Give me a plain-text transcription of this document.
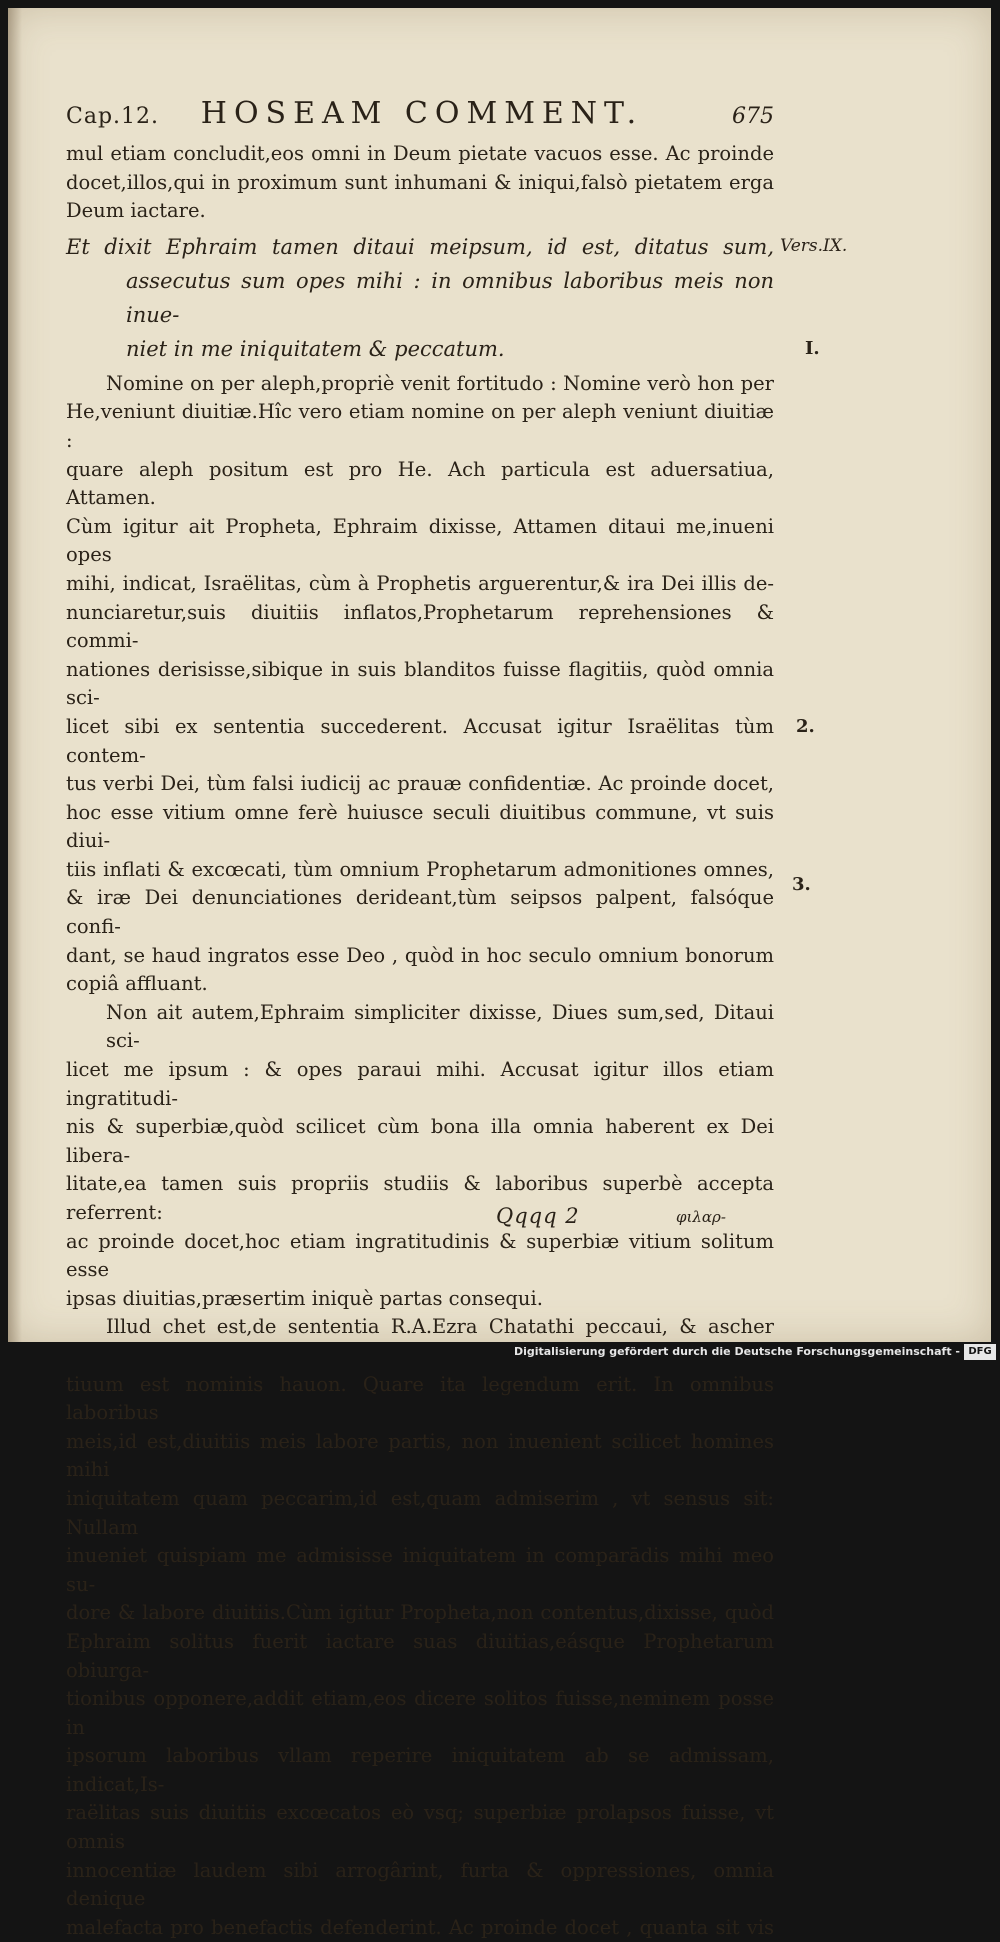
Cap.12.	HOSEAM COMMENT.	675

mul etiam concludit,eos omni in Deum pietate vacuos esse. Ac proinde

docet,illos,qui in proximum sunt inhumani & iniqui,falsò pietatem erga

Deum iactare.

Et dixit Ephraim tamen ditaui meipsum, id est, ditatus sum,

assecutus sum opes mihi : in omnibus laboribus meis non inue-

niet in me iniquitatem & peccatum.

Nomine on per aleph,propriè venit fortitudo : Nomine verò hon per

He,veniunt diuitiæ.Hîc vero etiam nomine on per aleph veniunt diuitiæ :

quare aleph positum est pro He. Ach particula est aduersatiua, Attamen.

Cùm igitur ait Propheta, Ephraim dixisse, Attamen ditaui me,inueni opes

mihi, indicat, Israëlitas, cùm à Prophetis arguerentur,& ira Dei illis de-

nunciaretur,suis diuitiis inflatos,Prophetarum reprehensiones & commi-

nationes derisisse,sibique in suis blanditos fuisse flagitiis, quòd omnia sci-

licet sibi ex sententia succederent. Accusat igitur Israëlitas tùm contem-

tus verbi Dei, tùm falsi iudicij ac prauæ confidentiæ. Ac proinde docet,

hoc esse vitium omne ferè huiusce seculi diuitibus commune, vt suis diui-

tiis inflati & excœcati, tùm omnium Prophetarum admonitiones omnes,

& iræ Dei denunciationes derideant,tùm seipsos palpent, falsóque confi-

dant, se haud ingratos esse Deo , quòd in hoc seculo omnium bonorum

copiâ affluant.

Non ait autem,Ephraim simpliciter dixisse, Diues sum,sed, Ditaui sci-

licet me ipsum : & opes paraui mihi. Accusat igitur illos etiam ingratitudi-

nis & superbiæ,quòd scilicet cùm bona illa omnia haberent ex Dei libera-

litate,ea tamen suis propriis studiis & laboribus superbè accepta referrent:

ac proinde docet,hoc etiam ingratitudinis & superbiæ vitium solitum esse

ipsas diuitias,præsertim iniquè partas consequi.

Illud chet est,de sententia R.A.Ezra Chatathi peccaui, & ascher

tiuum est nominis hauon. Quare ita legendum erit. In omnibus laboribus

meis,id est,diuitiis meis labore partis, non inuenient scilicet homines mihi

iniquitatem quam peccarim,id est,quam admiserim , vt sensus sit: Nullam

inueniet quispiam me admisisse iniquitatem in comparādis mihi meo su-

dore & labore diuitiis.Cùm igitur Propheta,non contentus,dixisse, quòd

Ephraim solitus fuerit iactare suas diuitias,eásque Prophetarum obiurga-

tionibus opponere,addit etiam,eos dicere solitos fuisse,neminem posse in

ipsorum laboribus vllam reperire iniquitatem ab se admissam, indicat,Is-

raëlitas suis diuitiis excœcatos eò vsq; superbiæ prolapsos fuisse, vt omnis

innocentiæ laudem sibi arrogârint, furta & oppressiones, omnia denique

malefacta pro benefactis defenderint. Ac proinde docet , quanta sit vis

Vers.IX.
I.
2.
3.
Qqqq 2	φιλαρ-
Digitalisierung gefördert durch die Deutsche Forschungsgemeinschaft - DFG
